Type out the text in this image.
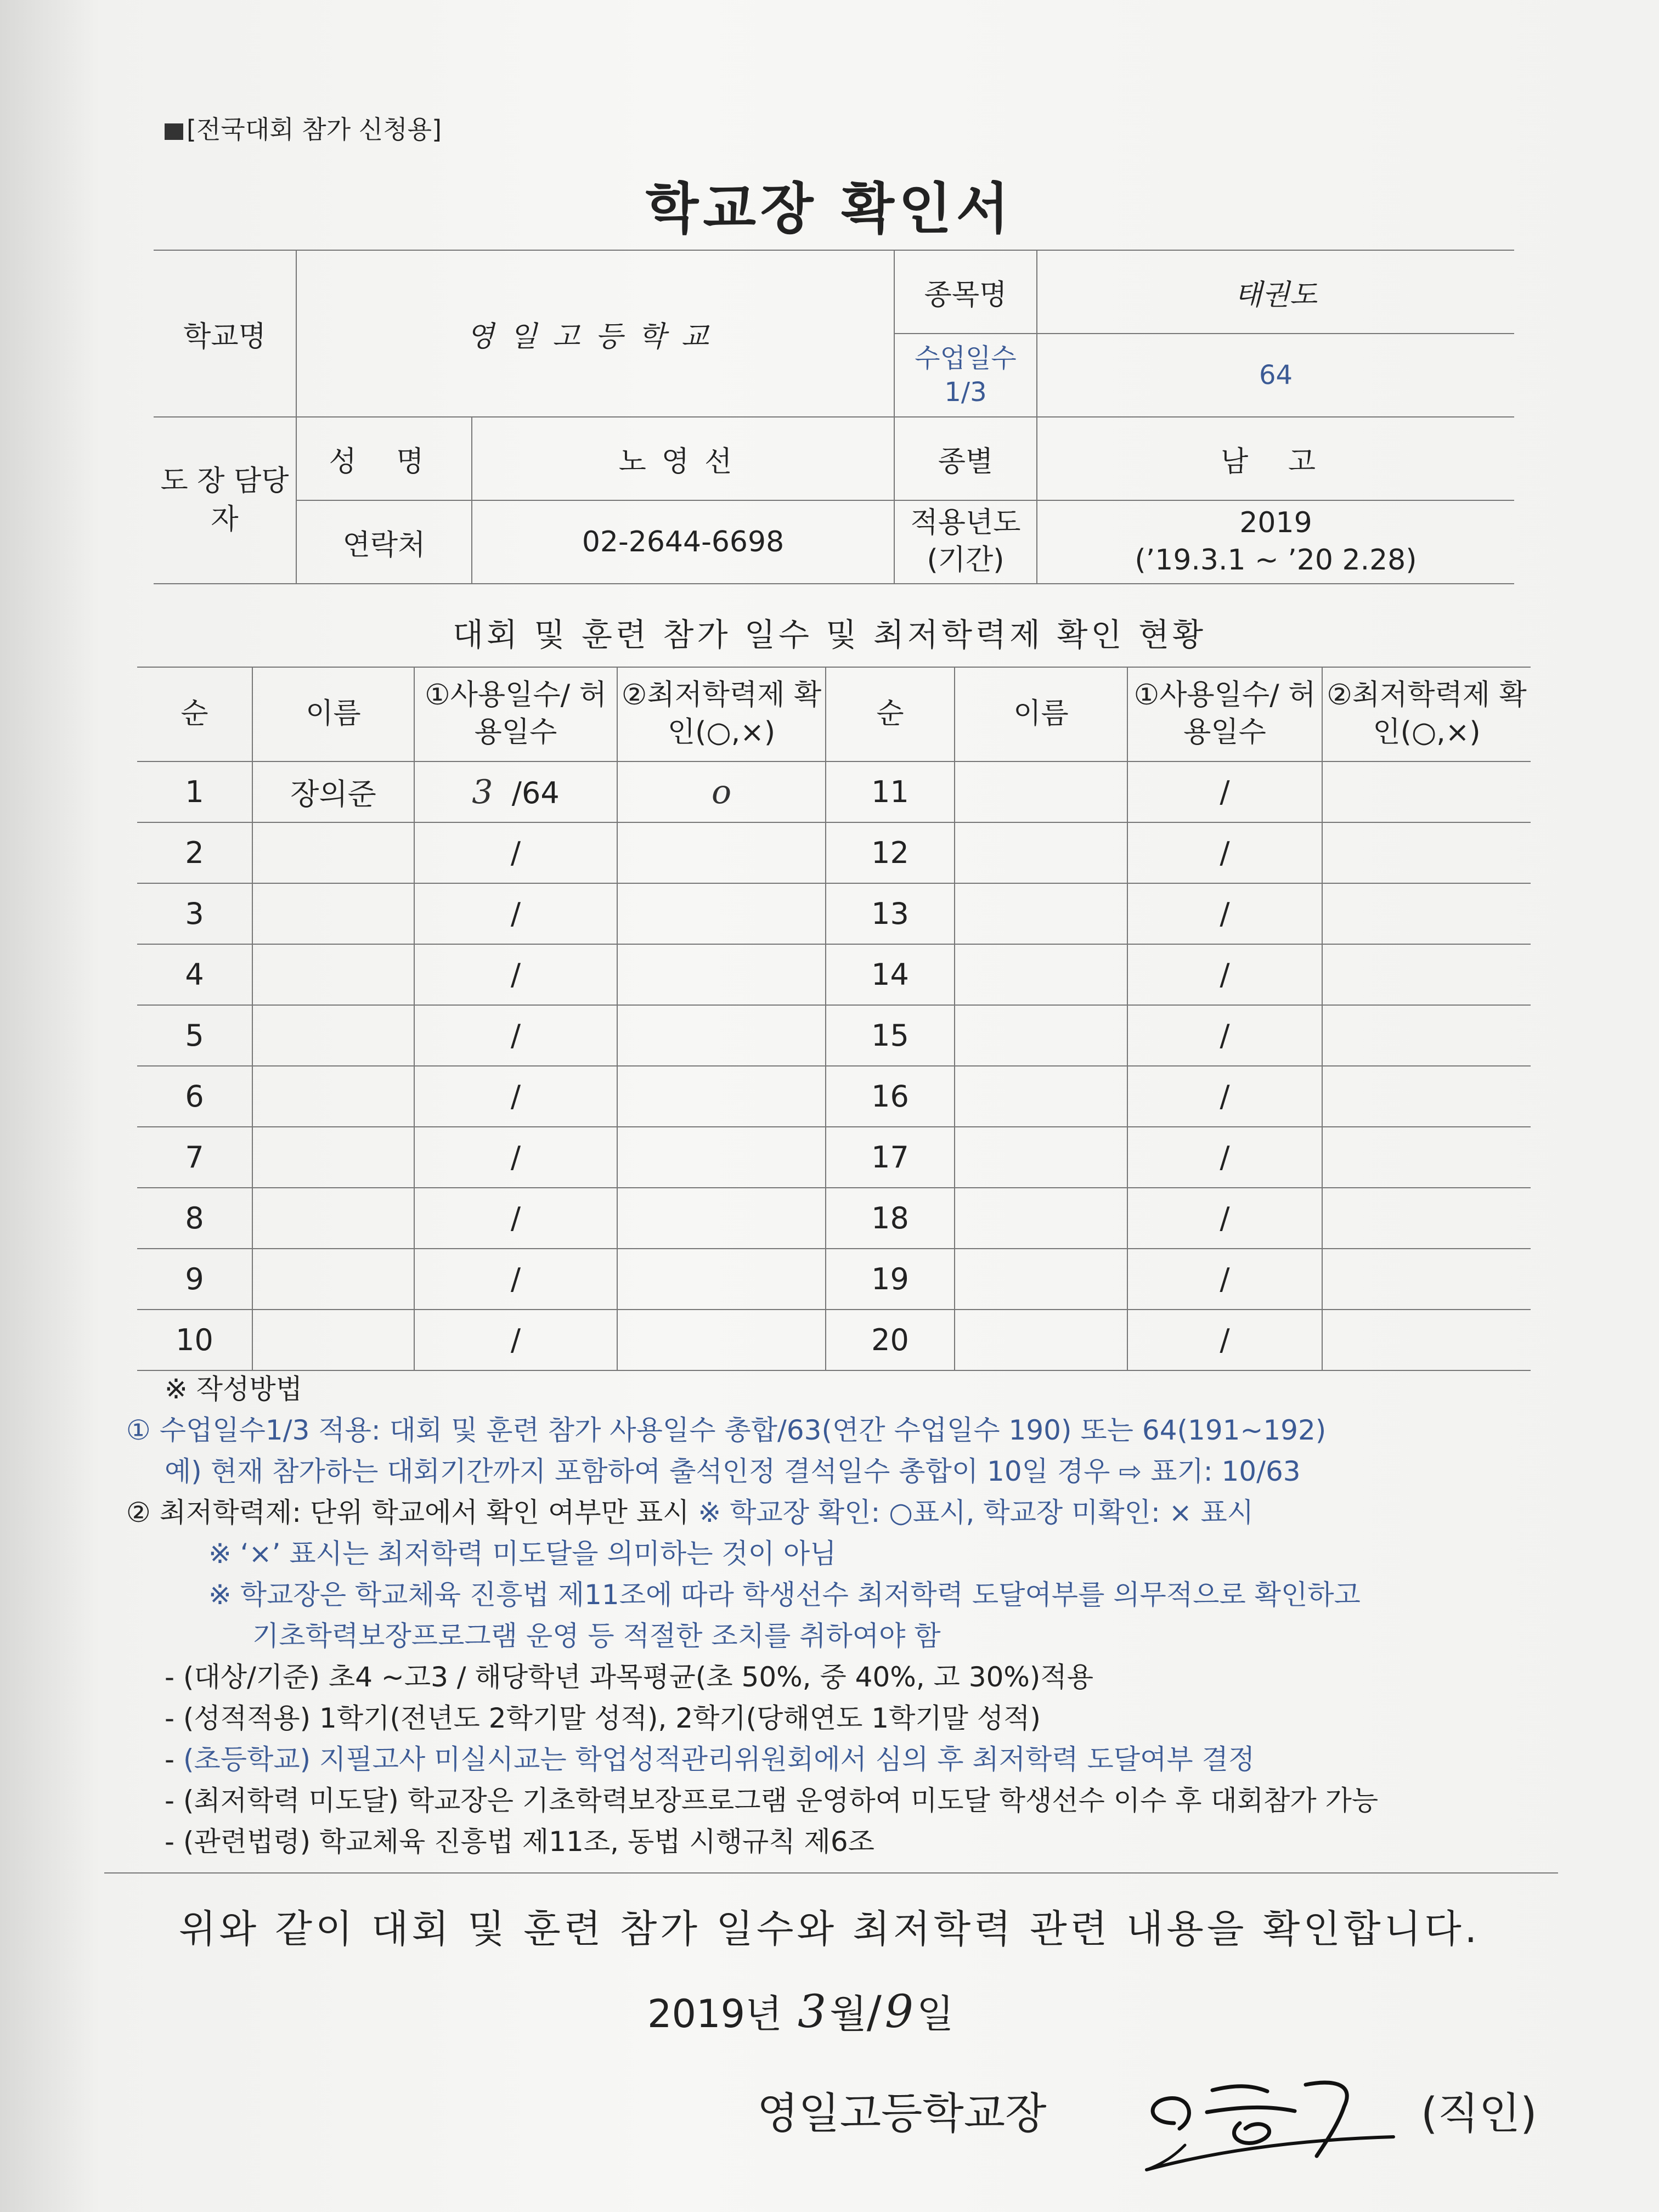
[전국대회 참가 신청용]
학교장 확인서
학교명	영일고등학교		종목명	태권도
			수업일수 1/3	64
도 장 담당자	성 명	노영선	종별	남 고
	연락처	02-2644-6698	적용년도 (기간)	2019
(’19.3.1 ~ ’20 2.28)
대회 및 훈련 참가 일수 및 최저학력제 확인 현황
순	이름	①사용일수/ 허용일수	②최저학력제 확인(○,×)	순	이름	①사용일수/ 허용일수	②최저학력제 확인(○,×)
1	장의준	3  /64	o	11		/	
2		/		12		/	
3		/		13		/	
4		/		14		/	
5		/		15		/	
6		/		16		/	
7		/		17		/	
8		/		18		/	
9		/		19		/	
10		/		20		/	
※ 작성방법
① 수업일수1/3 적용: 대회 및 훈련 참가 사용일수 총합/63(연간 수업일수 190) 또는 64(191~192)
예) 현재 참가하는 대회기간까지 포함하여 출석인정 결석일수 총합이 10일 경우 ⇨ 표기: 10/63
② 최저학력제: 단위 학교에서 확인 여부만 표시 ※ 학교장 확인: ○표시, 학교장 미확인: × 표시
※ ‘×’ 표시는 최저학력 미도달을 의미하는 것이 아님
※ 학교장은 학교체육 진흥법 제11조에 따라 학생선수 최저학력 도달여부를 의무적으로 확인하고
기초학력보장프로그램 운영 등 적절한 조치를 취하여야 함
- (대상/기준) 초4 ~고3 / 해당학년 과목평균(초 50%, 중 40%, 고 30%)적용
- (성적적용) 1학기(전년도 2학기말 성적), 2학기(당해연도 1학기말 성적)
- (초등학교) 지필고사 미실시교는 학업성적관리위원회에서 심의 후 최저학력 도달여부 결정
- (최저학력 미도달) 학교장은 기초학력보장프로그램 운영하여 미도달 학생선수 이수 후 대회참가 가능
- (관련법령) 학교체육 진흥법 제11조, 동법 시행규칙 제6조
위와 같이 대회 및 훈련 참가 일수와 최저학력 관련 내용을 확인합니다.
2019년 3월/9일
영일고등학교장	(직인)
